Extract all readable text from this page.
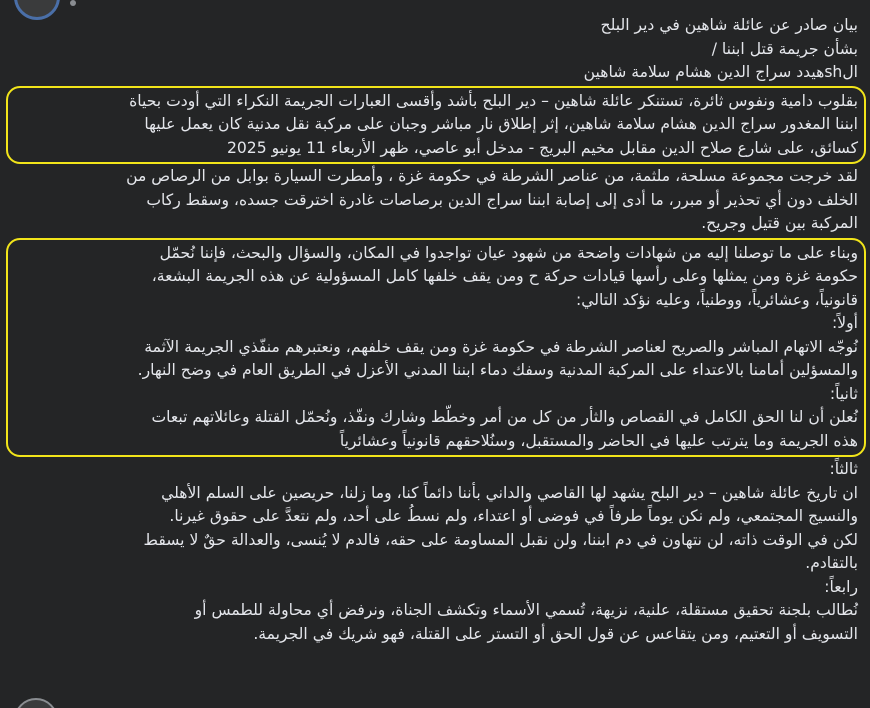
بيان صادر عن عائلة شاهين في دير البلح
بشأن جريمة قتل ابننا /
الshهيدد سراج الدين هشام سلامة شاهين
بقلوب دامية ونفوس ثائرة، تستنكر عائلة شاهين – دير البلح بأشد وأقسى العبارات الجريمة النكراء التي أودت بحياة
ابننا المغدور سراج الدين هشام سلامة شاهين، إثر إطلاق نار مباشر وجبان على مركبة نقل مدنية كان يعمل عليها
كسائق، على شارع صلاح الدين مقابل مخيم البريج - مدخل أبو عاصي، ظهر الأربعاء 11 يونيو 2025
لقد خرجت مجموعة مسلحة، ملثمة، من عناصر الشرطة في حكومة غزة ، وأمطرت السيارة بوابل من الرصاص من
الخلف دون أي تحذير أو مبرر، ما أدى إلى إصابة ابننا سراج الدين برصاصات غادرة اخترقت جسده، وسقط ركاب
المركبة بين قتيل وجريح.
وبناء على ما توصلنا إليه من شهادات واضحة من شهود عيان تواجدوا في المكان، والسؤال والبحث، فإننا نُحمّل
حكومة غزة ومن يمثلها وعلى رأسها قيادات حركة ح ومن يقف خلفها كامل المسؤولية عن هذه الجريمة البشعة،
قانونياً، وعشائرياً، ووطنياً، وعليه نؤكد التالي:
أولاً:
نُوجّه الاتهام المباشر والصريح لعناصر الشرطة في حكومة غزة ومن يقف خلفهم، ونعتبرهم منفّذي الجريمة الآثمة
والمسؤلين أمامنا بالاعتداء على المركبة المدنية وسفك دماء ابننا المدني الأعزل في الطريق العام في وضح النهار.
ثانياً:
نُعلن أن لنا الحق الكامل في القصاص والثأر من كل من أمر وخطّط وشارك ونفّذ، ونُحمّل القتلة وعائلاتهم تبعات
هذه الجريمة وما يترتب عليها في الحاضر والمستقبل، وسنُلاحقهم قانونياً وعشائرياً
ثالثاً:
ان تاريخ عائلة شاهين – دير البلح يشهد لها القاصي والداني بأننا دائماً كنا، وما زلنا، حريصين على السلم الأهلي
والنسيج المجتمعي، ولم نكن يوماً طرفاً في فوضى أو اعتداء، ولم نسطُ على أحد، ولم نتعدَّ على حقوق غيرنا.
لكن في الوقت ذاته، لن نتهاون في دم ابننا، ولن نقبل المساومة على حقه، فالدم لا يُنسى، والعدالة حقٌ لا يسقط
بالتقادم.
رابعاً:
نُطالب بلجنة تحقيق مستقلة، علنية، نزيهة، تُسمي الأسماء وتكشف الجناة، ونرفض أي محاولة للطمس أو
التسويف أو التعتيم، ومن يتقاعس عن قول الحق أو التستر على القتلة، فهو شريك في الجريمة.
